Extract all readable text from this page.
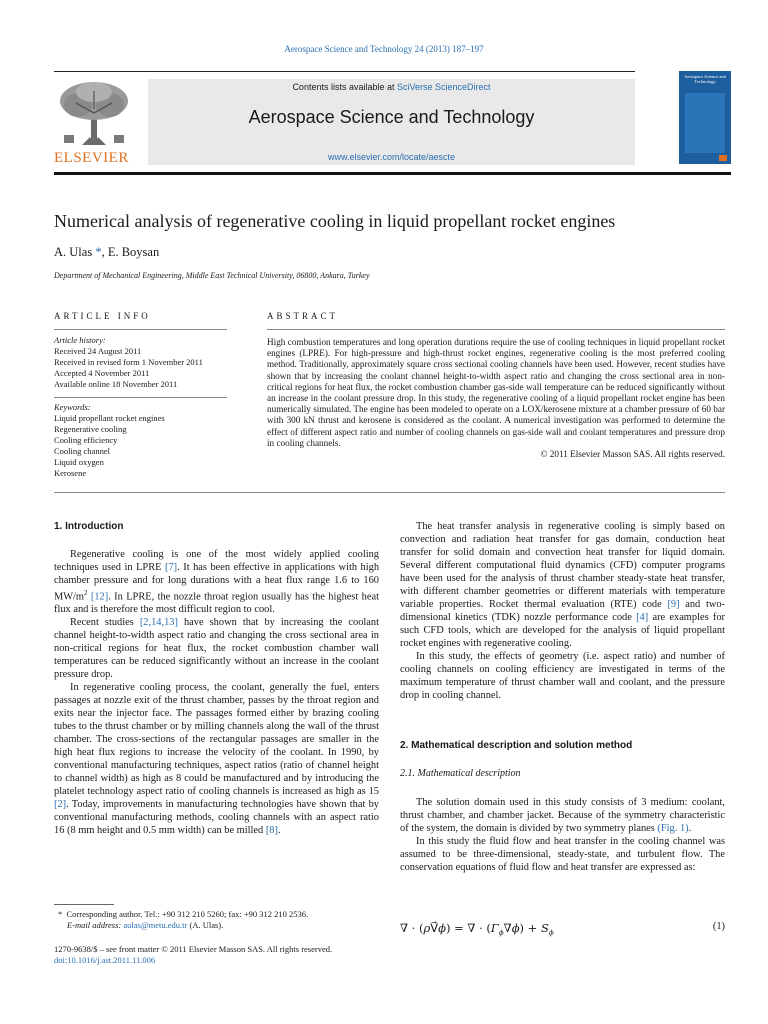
Aerospace Science and Technology 24 (2013) 187–197
ELSEVIER
Contents lists available at SciVerse ScienceDirect
Aerospace Science and Technology
www.elsevier.com/locate/aescte
Aerospace Science and Technology
Numerical analysis of regenerative cooling in liquid propellant rocket engines
A. Ulas *, E. Boysan
Department of Mechanical Engineering, Middle East Technical University, 06800, Ankara, Turkey
ARTICLE INFO
Article history:
Received 24 August 2011
Received in revised form 1 November 2011
Accepted 4 November 2011
Available online 18 November 2011
Keywords:
Liquid propellant rocket engines
Regenerative cooling
Cooling efficiency
Cooling channel
Liquid oxygen
Kerosene
ABSTRACT
High combustion temperatures and long operation durations require the use of cooling techniques in liquid propellant rocket engines (LPRE). For high-pressure and high-thrust rocket engines, regenerative cooling is the most preferred cooling method. Traditionally, approximately square cross sectional cooling channels have been used. However, recent studies have shown that by increasing the coolant channel height-to-width aspect ratio and changing the cross sectional area in non-critical regions for heat flux, the rocket combustion chamber gas-side wall temperature can be reduced significantly without an increase in the coolant pressure drop. In this study, the regenerative cooling of a liquid propellant rocket engine has been numerically simulated. The engine has been modeled to operate on a LOX/kerosene mixture at a chamber pressure of 60 bar with 300 kN thrust and kerosene is considered as the coolant. A numerical investigation was performed to determine the effect of different aspect ratio and number of cooling channels on gas-side wall and coolant temperatures and pressure drop in cooling channels.
© 2011 Elsevier Masson SAS. All rights reserved.
1. Introduction

Regenerative cooling is one of the most widely applied cooling techniques used in LPRE [7]. It has been effective in applications with high chamber pressure and for long durations with a heat flux range 1.6 to 160 $MW/m^2$ [12]. In LPRE, the nozzle throat region usually has the highest heat flux and is therefore the most difficult region to cool.

Recent studies [2,14,13] have shown that by increasing the coolant channel height-to-width aspect ratio and changing the cross sectional area in non-critical regions for heat flux, the rocket combustion chamber wall temperatures can be reduced significantly without an increase in the coolant pressure drop.

In regenerative cooling process, the coolant, generally the fuel, enters passages at nozzle exit of the thrust chamber, passes by the throat region and exits near the injector face. The passages formed either by brazing cooling tubes to the thrust chamber or by milling channels along the wall of the thrust chamber. The cross-sections of the rectangular passages are smaller in the high heat flux regions to increase the velocity of the coolant. In 1990, by conventional manufacturing techniques, aspect ratios (ratio of channel height to channel width) as high as 8 could be manufactured and by introducing the platelet technology aspect ratio of cooling channels is increased as high as 15 [2]. Today, improvements in manufacturing technologies have shown that by conventional manufacturing methods, cooling channels with an aspect ratio 16 (8 mm height and 0.5 mm width) can be milled [8].

* Corresponding author. Tel.: +90 312 210 5260; fax: +90 312 210 2536.
E-mail address: aulas@metu.edu.tr (A. Ulas).
1270-9638/$ – see front matter © 2011 Elsevier Masson SAS. All rights reserved.
doi:10.1016/j.ast.2011.11.006

The heat transfer analysis in regenerative cooling is simply based on convection and radiation heat transfer for gas domain, conduction heat transfer for solid domain and convection heat transfer for liquid domain. Several different computational fluid dynamics (CFD) computer programs have been used for the analysis of thrust chamber steady-state heat transfer, with different chamber geometries or different materials with temperature variable properties. Rocket thermal evaluation (RTE) code [9] and two-dimensional kinetics (TDK) nozzle performance code [4] are examples for such CFD tools, which are developed for the analysis of liquid propellant rocket engines with regenerative cooling.

In this study, the effects of geometry (i.e. aspect ratio) and number of cooling channels on cooling efficiency are investigated in terms of the maximum temperature of thrust chamber wall and coolant, and the pressure drop in cooling channel.

2. Mathematical description and solution method
2.1. Mathematical description

The solution domain used in this study consists of 3 medium: coolant, thrust chamber, and chamber jacket. Because of the symmetry characteristic of the system, the domain is divided by two symmetry planes (Fig. 1).

In this study the fluid flow and heat transfer in the cooling channel was assumed to be three-dimensional, steady-state, and turbulent flow. The conservation equations of fluid flow and heat transfer are expressed as:

∇ · (ρV⃗ϕ) = ∇ · $(\Gamma_\phi\nabla\phi) + S_\phi$
(1)
